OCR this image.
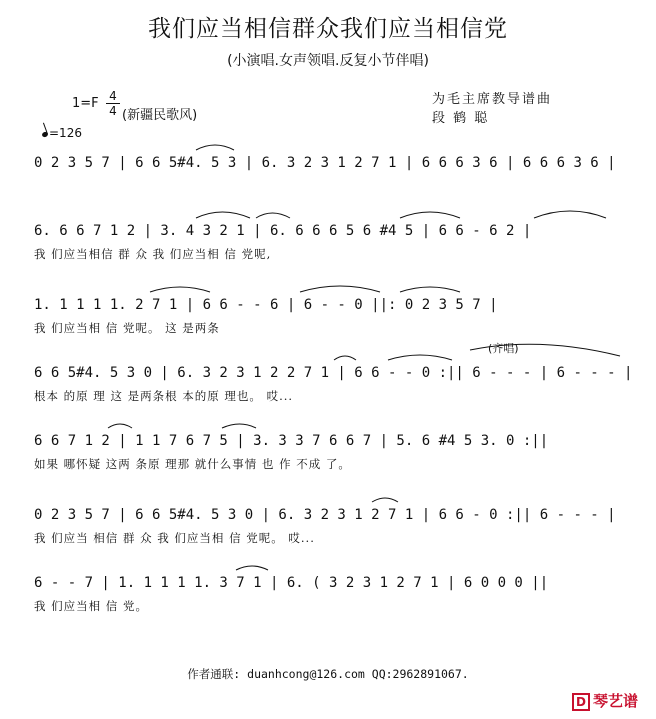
我们应当相信群众我们应当相信党
(小演唱.女声领唱.反复小节伴唱)
1=F 4
4 (新疆民歌风)
=126
为毛主席教导谱曲
段 鹤 聪
0 2 3 5 7 | 6 6 5#4. 5 3 | 6. 3 2 3 1 2 7 1 | 6 6 6 3 6 | 6 6 6 3 6 |
6. 6 6 7 1 2 | 3. 4 3 2 1 | 6. 6 6 6 5 6 #4 5 | 6 6 - 6 2 |
我 们应当相信 群 众 我 们应当相 信 党呢,
1. 1 1 1 1. 2 7 1 | 6 6 - - 6 | 6 - - 0 ||: 0 2 3 5 7 |
我 们应当相 信 党呢。 这 是两条
(齐唱)
6 6 5#4. 5 3 0 | 6. 3 2 3 1 2 2 7 1 | 6 6 - - 0 :|| 6 - - - | 6 - - - |
根本 的原 理 这 是两条根 本的原 理也。 哎...
6 6 7 1 2 | 1 1 7 6 7 5 | 3. 3 3 7 6 6 7 | 5. 6 #4 5 3. 0 :||
如果 哪怀疑 这两 条原 理那 就什么事情 也 作 不成 了。
0 2 3 5 7 | 6 6 5#4. 5 3 0 | 6. 3 2 3 1 2 7 1 | 6 6 - 0 :|| 6 - - - |
我 们应当 相信 群 众 我 们应当相 信 党呢。 哎...
6 - - 7 | 1. 1 1 1 1. 3 7 1 | 6. ( 3 2 3 1 2 7 1 | 6 0 0 0 ||
我 们应当相 信 党。
作者通联: duanhcong@126.com QQ:2962891067.
D 琴艺谱
